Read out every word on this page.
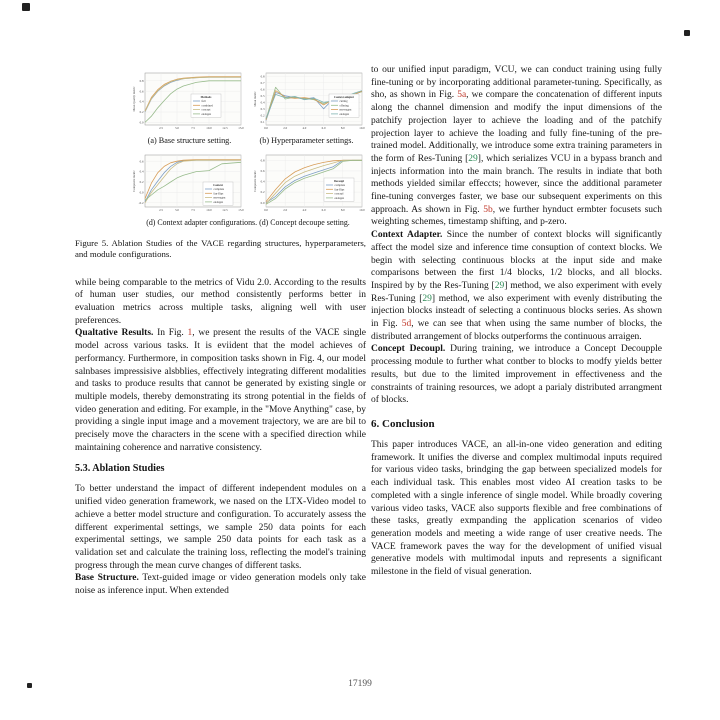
0.0
0.2
0.4
0.6
0.8
2.5	5.0	7.5	10.0	12.5	15.0
Methods
full
combined
concept
endagen
Mean Quality metric
0.1
0.2
0.3
0.4
0.5
0.6
0.7
0.8
0.0	2.0	4.0	6.0	8.0	10.0
Context adapter
cutting
offering
moveagen
endagen
Mean metric
(a) Base structure setting.	(b) Hyperparameter settings.
-0.2
0.0
0.2
0.4
0.6
2.5	5.0	7.5	10.0	12.5	15.0
Context
complete
fan-flips
moveagen
endagen
Composite metric
0.0
0.2
0.4
0.6
0.8
0.0	2.0	4.0	6.0	8.0	10.0
Decoupl
complete
fan-flips
concepl
endagen
Composite metric
(d) Context adapter configurations. (d) Concept decoupe setting.
Figure 5. Ablation Studies of the VACE regarding structures, hyperparameters, and module configurations.

while being comparable to the metrics of Vidu 2.0. According to the results of human user studies, our method consistently performs better in evaluation metrics across multiple tasks, aligning well with user preferences.

Qualtative Results. In Fig. 1, we present the results of the VACE single model across various tasks. It is eviident that the model achieves of performancy. Furthermore, in composition tasks shown in Fig. 4, our model salnbases impressisive alsbblies, effectively integrating different modalities and tasks to produce results that cannot be generated by existing single or multiple models, thereby demonstrating its strong potential in the fields of video generation and editing. For example, in the "Move Anything" case, by providing a single input image and a movement trajectory, we are are bil to precisely move the characters in the scene with a specified direction while maintaining coherence and narrative consistency.

5.3. Ablation Studies

To better understand the impact of different independent modules on a unified video generation framework, we nased on the LTX-Video model to achieve a better model structure and configuration. To accurately assess the different experimental settings, we sample 250 data points for each experimental settings, we sample 250 data points for each task as a validation set and calculate the training loss, reflecting the model's training progress through the mean curve changes of different tasks.

Base Structure. Text-guided image or video generation models only take noise as inference input. When extended

to our unified input paradigm, VCU, we can conduct training using fully fine-tuning or by incorporating additional parameter-tuning. Specifically, as sho, as shown in Fig. 5a, we compare the concatenation of different inputs along the channel dimension and modify the input dimensions of the patchify projection layer to achieve the loading and of the patchify projection layer to achieve the loading and fully fine-tuning of the pre-trained model. Additionally, we introduce some extra training parameters in the form of Res-Tuning [29], which serializes VCU in a bypass branch and injects information into the main branch. The results in indiate that both methods yielded similar effeccts; however, since the additional parameter fine-tuning converges faster, we base our subsequent experiments on this approach. As shown in Fig. 5b, we further hynduct ermbter focusets such weighting schemes, timestamp shifting, and p-zero.

Context Adapter. Since the number of context blocks will significantly affect the model size and inference time consuption of context blocks. We begin with selecting continuous blocks at the input side and make comparisons between the first 1/4 blocks, 1/2 blocks, and all blocks. Inspired by by the Res-Tuning [29] method, we also experiment with evely Res-Tuning [29] method, we also experiment with evenly distributing the injection blocks insteadt of selecting a continuous blocks series. As shown in Fig. 5d, we can see that when using the same number of blocks, the distributed arrangement of blocks outperforms the continuous arraigen.

Concept Decoupl. During training, we introduce a Concept Decoupple processing module to further what contber to blocks to modfy yields better results, but due to the limited improvement in effectiveness and the constraints of training resources, we adopt a parialy distributed arrangment of blocks.

6. Conclusion

This paper introduces VACE, an all-in-one video generation and editing framework. It unifies the diverse and complex multimodal inputs required for various video tasks, brindging the gap between specialized models for each individual task. This enables most video AI creation tasks to be completed with a single inference of single model. While broadly covering various video tasks, VACE also supports flexible and free combinations of these tasks, greatly exmpanding the application scenarios of video generation models and meeting a wide range of user creative needs. The VACE framework paves the way for the development of unified visual generative models with multimodal inputs and represents a significant milestone in the field of visual generation.

17199
